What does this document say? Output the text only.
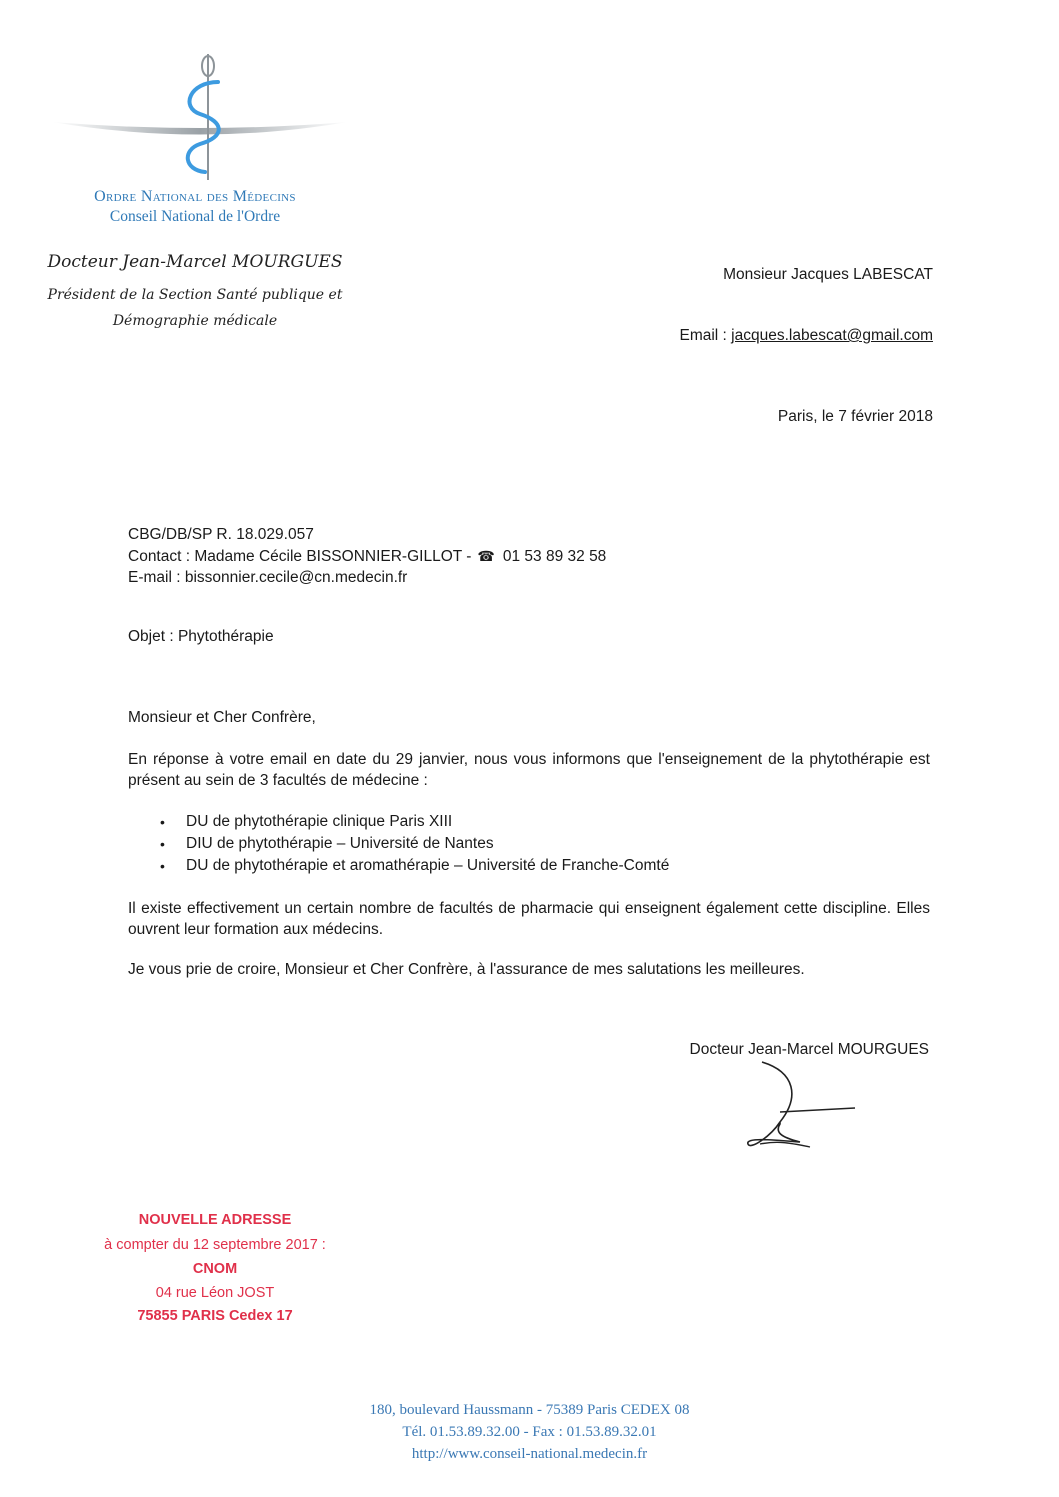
Ordre National des Médecins
Conseil National de l'Ordre
Docteur Jean-Marcel MOURGUES
Président de la Section Santé publique et
Démographie médicale
Monsieur Jacques LABESCAT
Email : jacques.labescat@gmail.com
Paris, le 7 février 2018
CBG/DB/SP R. 18.029.057
Contact : Madame Cécile BISSONNIER-GILLOT - ☎ 01 53 89 32 58
E-mail : bissonnier.cecile@cn.medecin.fr
Objet : Phytothérapie
Monsieur et Cher Confrère,
En réponse à votre email en date du 29 janvier, nous vous informons que l'enseignement de la phytothérapie est présent au sein de 3 facultés de médecine :
• DU de phytothérapie clinique Paris XIII
• DIU de phytothérapie – Université de Nantes
• DU de phytothérapie et aromathérapie – Université de Franche-Comté
Il existe effectivement un certain nombre de facultés de pharmacie qui enseignent également cette discipline. Elles ouvrent leur formation aux médecins.
Je vous prie de croire, Monsieur et Cher Confrère, à l'assurance de mes salutations les meilleures.
Docteur Jean-Marcel MOURGUES
NOUVELLE ADRESSE
à compter du 12 septembre 2017 :
CNOM
04 rue Léon JOST
75855 PARIS Cedex 17
180, boulevard Haussmann - 75389 Paris CEDEX 08
Tél. 01.53.89.32.00 - Fax : 01.53.89.32.01
http://www.conseil-national.medecin.fr
